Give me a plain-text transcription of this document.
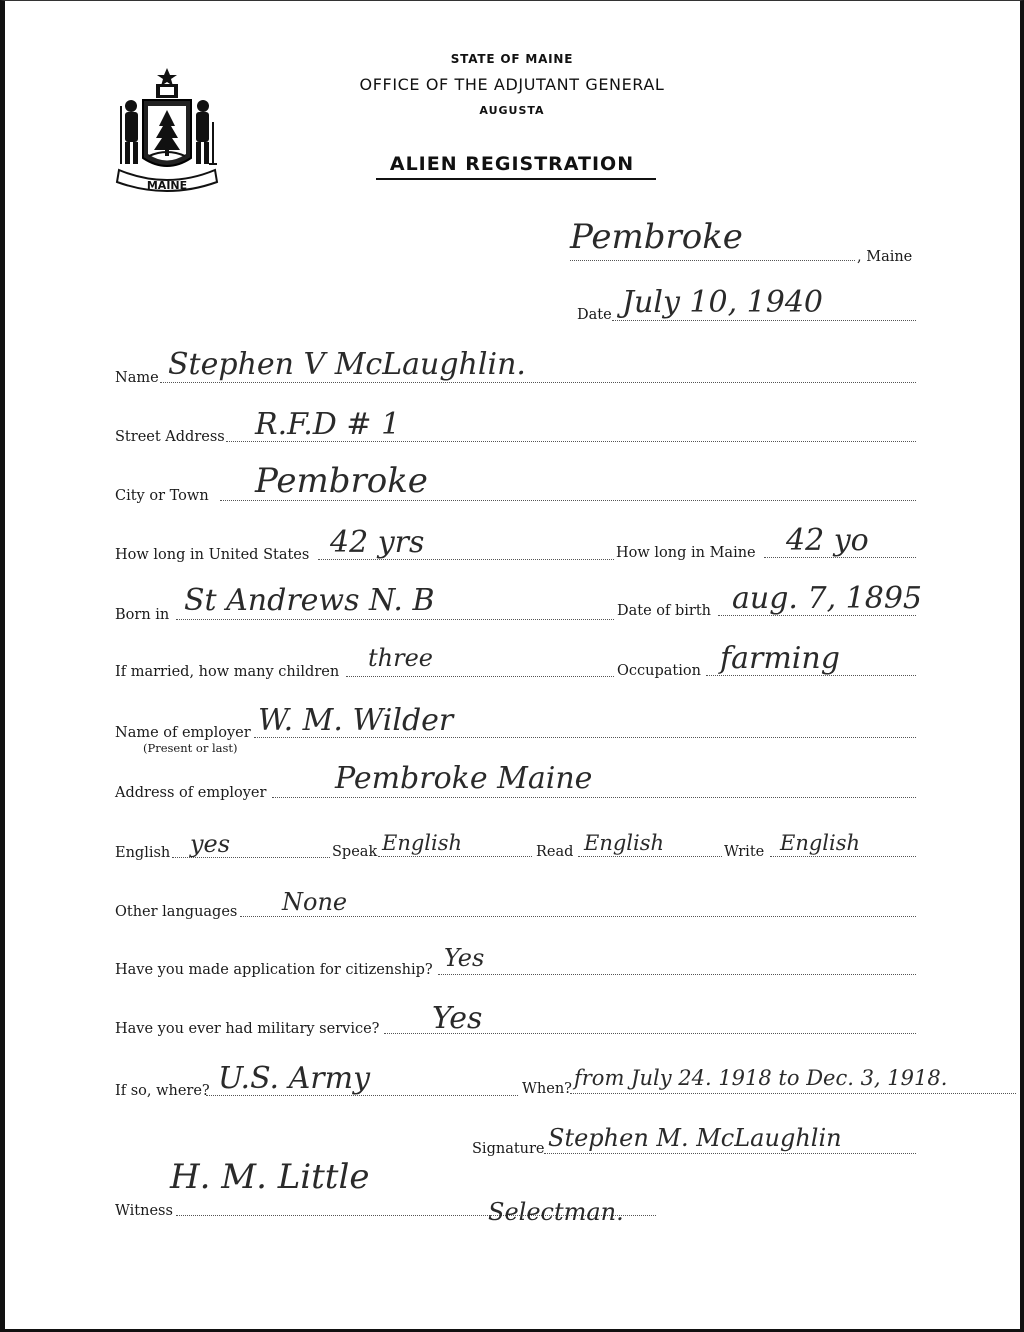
MAINE
STATE OF MAINE
OFFICE OF THE ADJUTANT GENERAL
AUGUSTA
ALIEN REGISTRATION
Pembroke	, Maine
Date July 10, 1940
Name Stephen V McLaughlin.
Street Address R.F.D # 1
City or Town Pembroke
How long in United States 42 yrs	How long in Maine 42 yo
Born in St Andrews N. B	Date of birth aug. 7, 1895
If married, how many children three	Occupation farming
Name of employer
(Present or last)
W. M. Wilder
Address of employer Pembroke Maine
English yes	Speak English	Read English	Write English
Other languages None
Have you made application for citizenship? Yes
Have you ever had military service? Yes
If so, where? U.S. Army	When? from July 24. 1918 to Dec. 3, 1918.
Signature Stephen M. McLaughlin
Witness
H. M. Little
Selectman.
